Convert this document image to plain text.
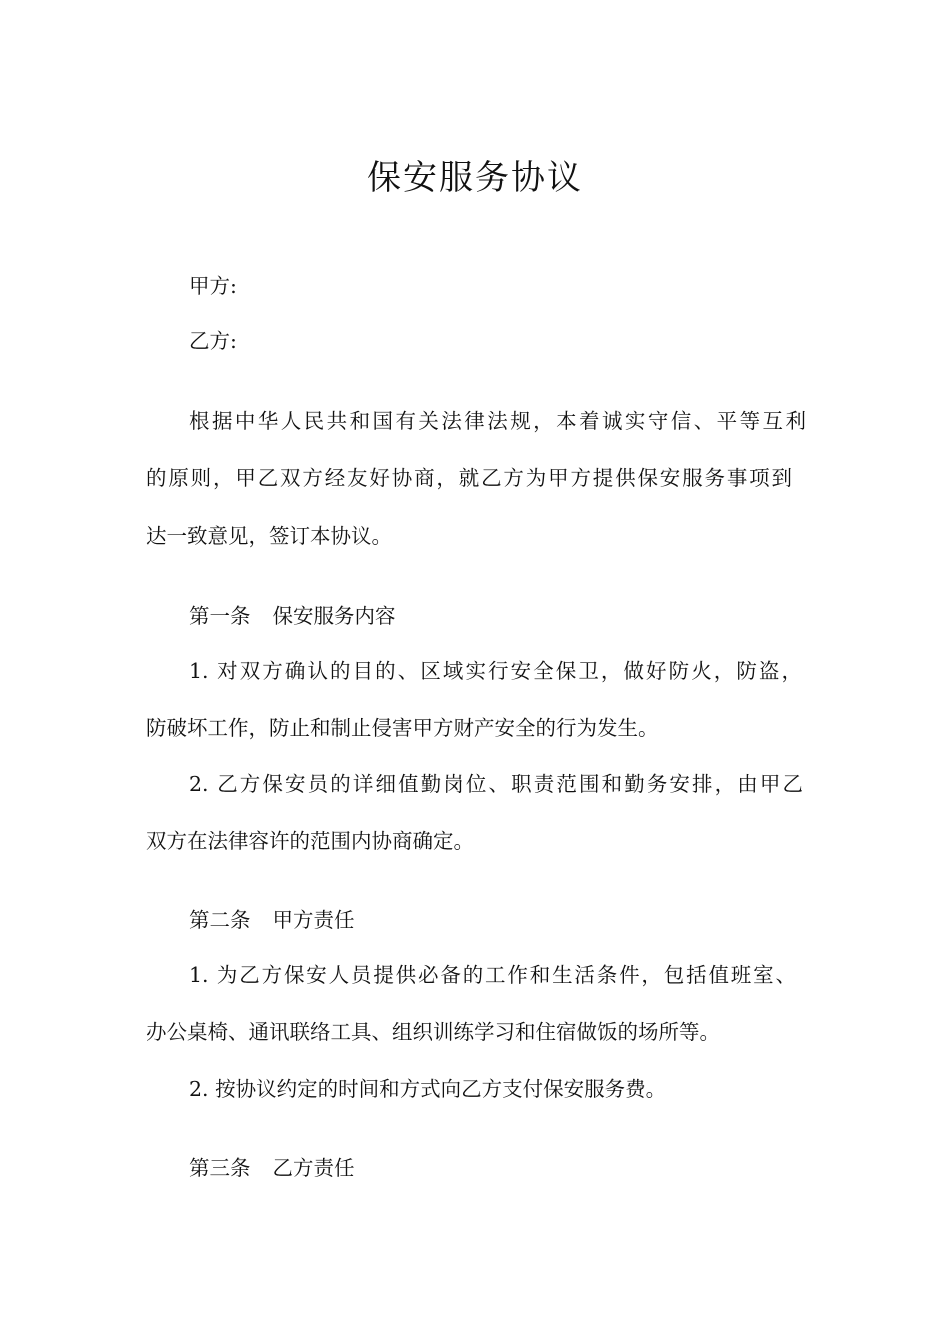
保安服务协议

甲方:

乙方:

根据中华人民共和国有关法律法规，本着诚实守信、平等互利

的原则，甲乙双方经友好协商，就乙方为甲方提供保安服务事项到

达一致意见，签订本协议。

第一条 保安服务内容

1. 对双方确认的目的、区域实行安全保卫，做好防火，防盗，

防破坏工作，防止和制止侵害甲方财产安全的行为发生。

2. 乙方保安员的详细值勤岗位、职责范围和勤务安排，由甲乙

双方在法律容许的范围内协商确定。

第二条 甲方责任

1. 为乙方保安人员提供必备的工作和生活条件，包括值班室、

办公桌椅、通讯联络工具、组织训练学习和住宿做饭的场所等。

2. 按协议约定的时间和方式向乙方支付保安服务费。

第三条 乙方责任
